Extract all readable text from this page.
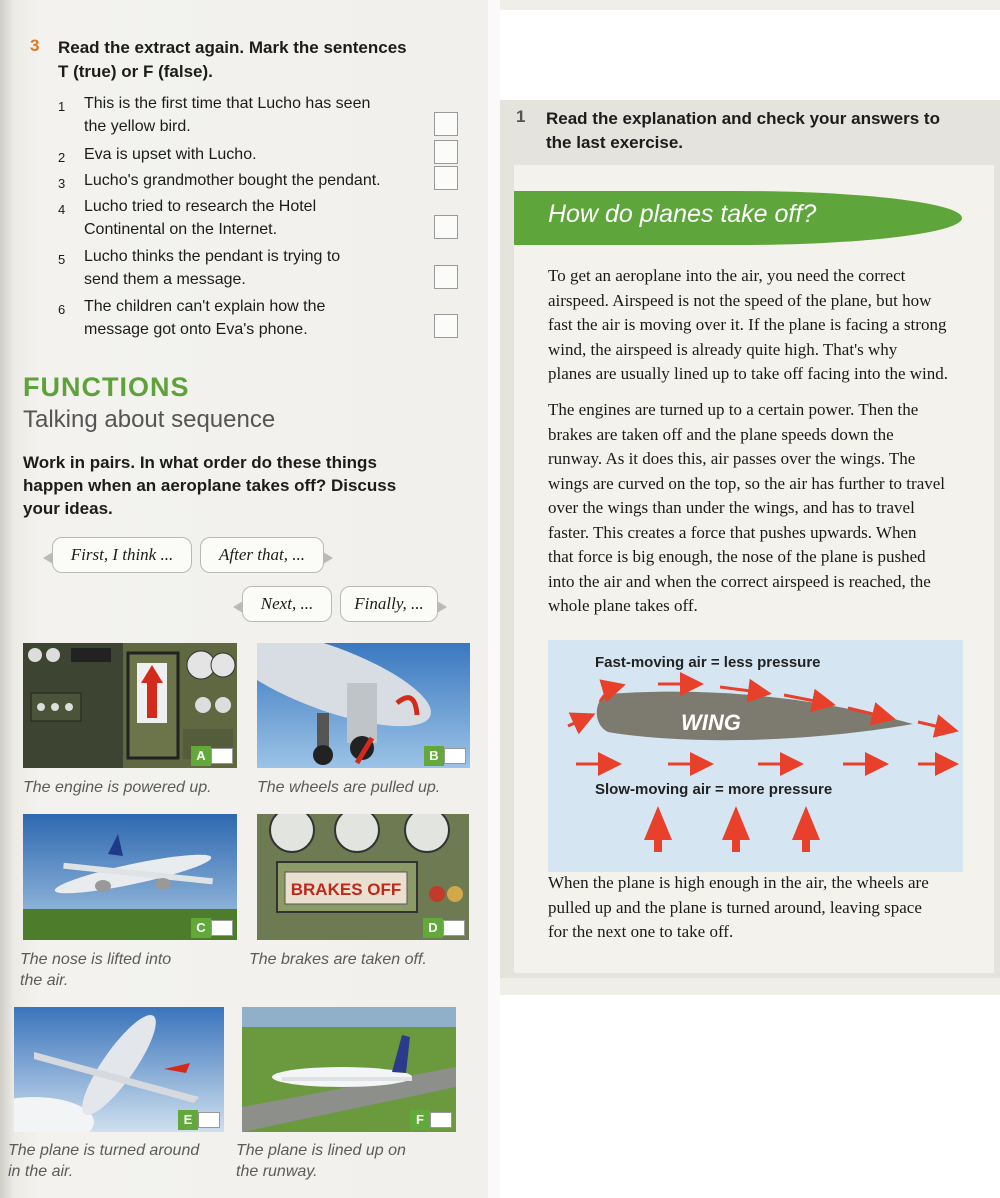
3 Read the extract again. Mark the sentences
T (true) or F (false).
1 This is the first time that Lucho has seen
the yellow bird.
2 Eva is upset with Lucho.
3 Lucho's grandmother bought the pendant.
4 Lucho tried to research the Hotel
Continental on the Internet.
5 Lucho thinks the pendant is trying to
send them a message.
6 The children can't explain how the
message got onto Eva's phone.
FUNCTIONS
Talking about sequence
Work in pairs. In what order do these things
happen when an aeroplane takes off? Discuss
your ideas.
First, I think ...	After that, ...
Next, ...	Finally, ...
A
The engine is powered up.
B
The wheels are pulled up.
C
The nose is lifted into
the air.
BRAKES OFF
D
The brakes are taken off.
E
The plane is turned around
in the air.
F
The plane is lined up on
the runway.
1 Read the explanation and check your answers to
the last exercise.
How do planes take off?
To get an aeroplane into the air, you need the correct
airspeed. Airspeed is not the speed of the plane, but how
fast the air is moving over it. If the plane is facing a strong
wind, the airspeed is already quite high. That's why
planes are usually lined up to take off facing into the wind.
The engines are turned up to a certain power. Then the
brakes are taken off and the plane speeds down the
runway. As it does this, air passes over the wings. The
wings are curved on the top, so the air has further to travel
over the wings than under the wings, and has to travel
faster. This creates a force that pushes upwards. When
that force is big enough, the nose of the plane is pushed
into the air and when the correct airspeed is reached, the
whole plane takes off.
Fast-moving air = less pressure
WING
Slow-moving air = more pressure
When the plane is high enough in the air, the wheels are
pulled up and the plane is turned around, leaving space
for the next one to take off.
